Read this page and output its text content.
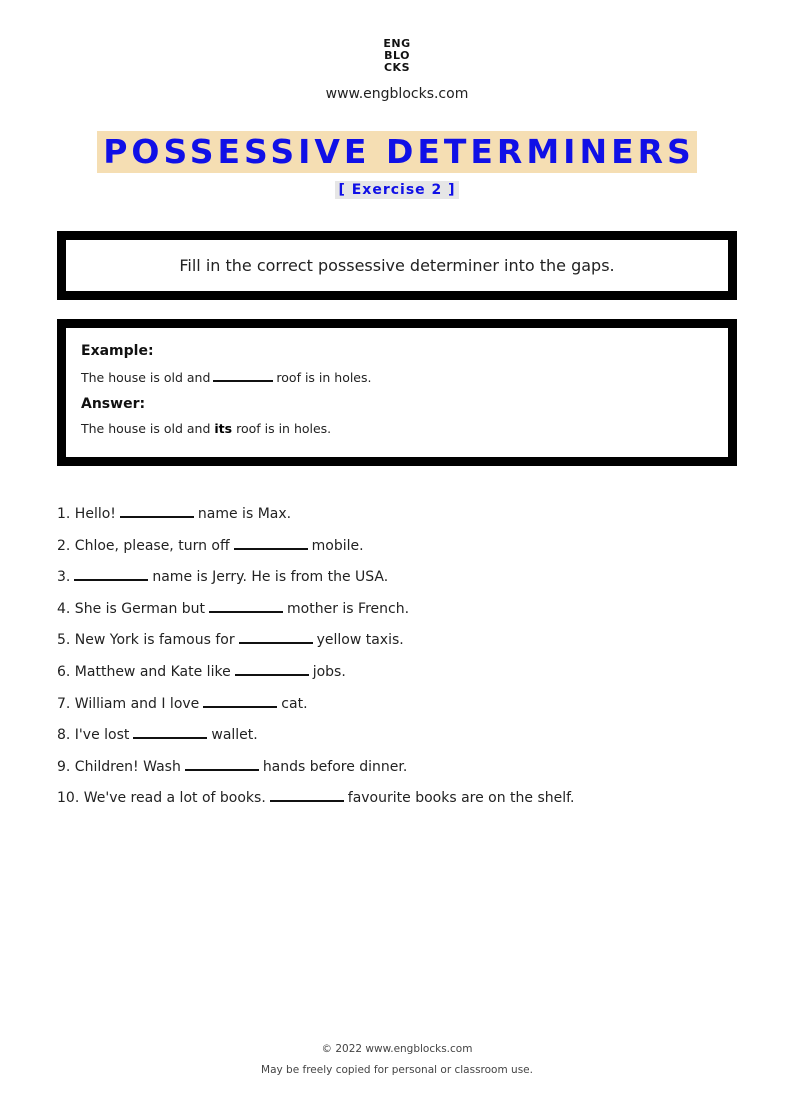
ENG
BLO
CKS
www.engblocks.com
POSSESSIVE DETERMINERS
[ Exercise 2 ]
Fill in the correct possessive determiner into the gaps.

Example:

The house is old and	roof is in holes.

Answer:

The house is old and its roof is in holes.

1. Hello!	name is Max.
2. Chloe, please, turn off	mobile.
3.	name is Jerry. He is from the USA.
4. She is German but	mother is French.
5. New York is famous for	yellow taxis.
6. Matthew and Kate like	jobs.
7. William and I love	cat.
8. I've lost	wallet.
9. Children! Wash	hands before dinner.
10. We've read a lot of books.	favourite books are on the shelf.
© 2022 www.engblocks.com
May be freely copied for personal or classroom use.
